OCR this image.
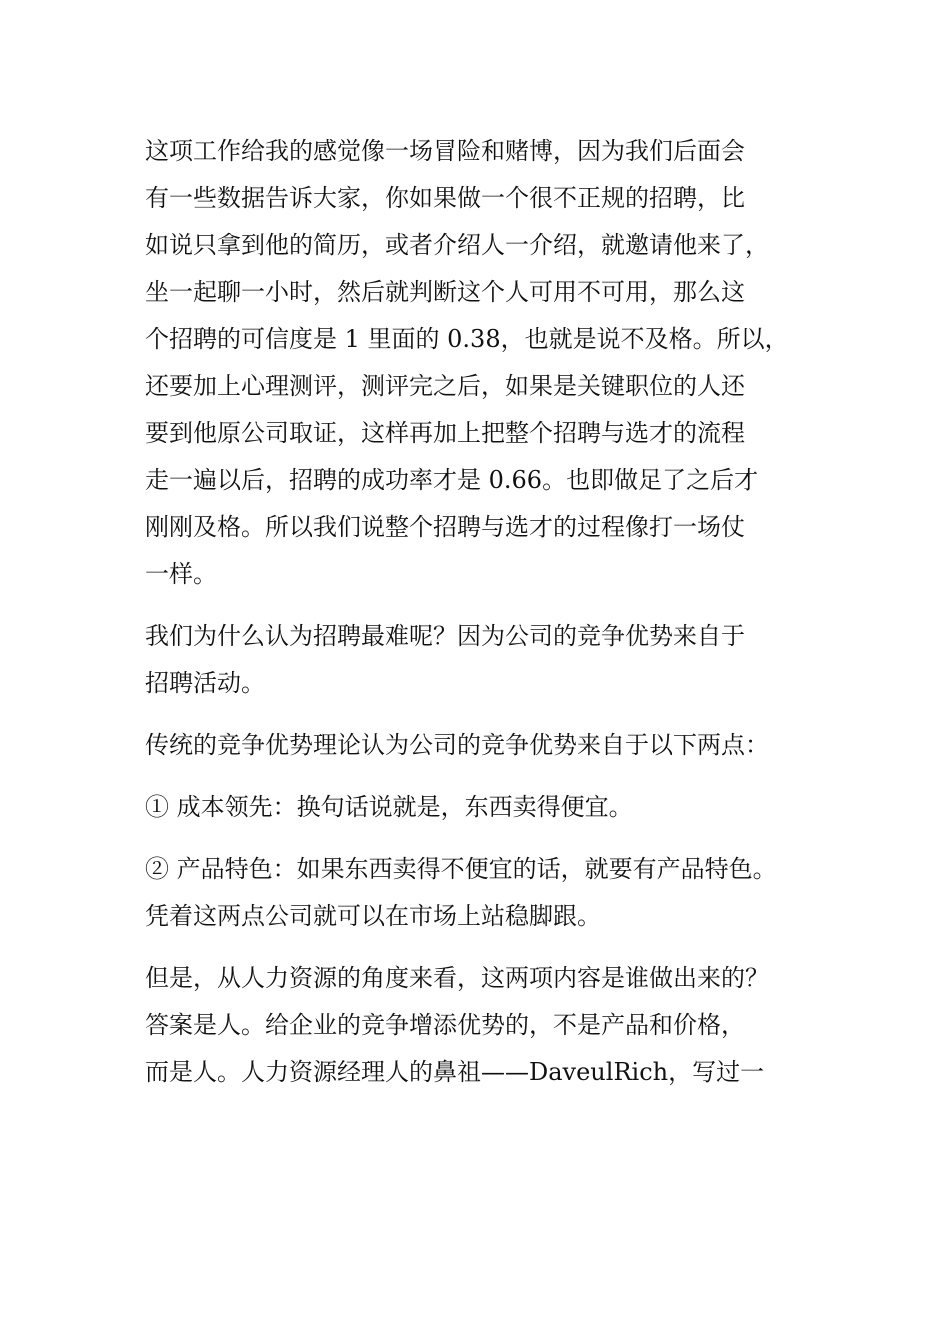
这项工作给我的感觉像一场冒险和赌博，因为我们后面会
有一些数据告诉大家，你如果做一个很不正规的招聘，比
如说只拿到他的简历，或者介绍人一介绍，就邀请他来了，
坐一起聊一小时，然后就判断这个人可用不可用，那么这
个招聘的可信度是 1 里面的 0.38，也就是说不及格。所以，
还要加上心理测评，测评完之后，如果是关键职位的人还
要到他原公司取证，这样再加上把整个招聘与选才的流程
走一遍以后，招聘的成功率才是 0.66。也即做足了之后才
刚刚及格。所以我们说整个招聘与选才的过程像打一场仗
一样。
我们为什么认为招聘最难呢？因为公司的竞争优势来自于
招聘活动。
传统的竞争优势理论认为公司的竞争优势来自于以下两点：
① 成本领先：换句话说就是，东西卖得便宜。
② 产品特色：如果东西卖得不便宜的话，就要有产品特色。
凭着这两点公司就可以在市场上站稳脚跟。
但是，从人力资源的角度来看，这两项内容是谁做出来的？
答案是人。给企业的竞争增添优势的，不是产品和价格，
而是人。人力资源经理人的鼻祖——DaveulRich，写过一
